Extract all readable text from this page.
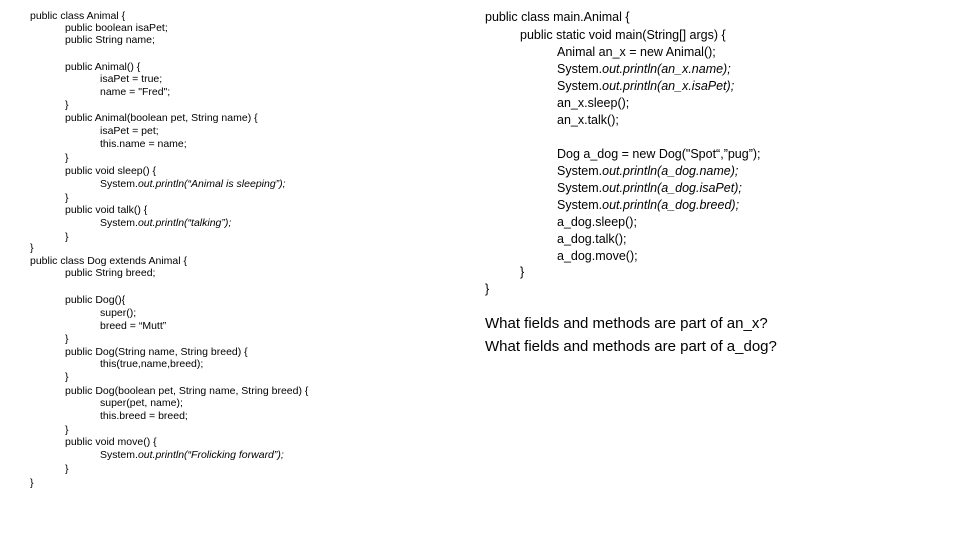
public class Animal {
public boolean isaPet;
public String name;
public Animal() {
isaPet = true;
name = "Fred";
}
public Animal(boolean pet, String name) {
isaPet = pet;
this.name = name;
}
public void sleep() {
System.out.println(“Animal is sleeping”);
}
public void talk() {
System.out.println(“talking”);
}
}
public class Dog extends Animal {
public String breed;
public Dog(){
super();
breed = “Mutt”
}
public Dog(String name, String breed) {
this(true,name,breed);
}
public Dog(boolean pet, String name, String breed) {
super(pet, name);
this.breed = breed;
}
public void move() {
System.out.println(“Frolicking forward”);
}
}
public class main.Animal {
public static void main(String[] args) {
Animal an_x = new Animal();
System.out.println(an_x.name);
System.out.println(an_x.isaPet);
an_x.sleep();
an_x.talk();
Dog a_dog = new Dog("Spot“,”pug”);
System.out.println(a_dog.name);
System.out.println(a_dog.isaPet);
System.out.println(a_dog.breed);
a_dog.sleep();
a_dog.talk();
a_dog.move();
}
}
What fields and methods are part of an_x?
What fields and methods are part of a_dog?
